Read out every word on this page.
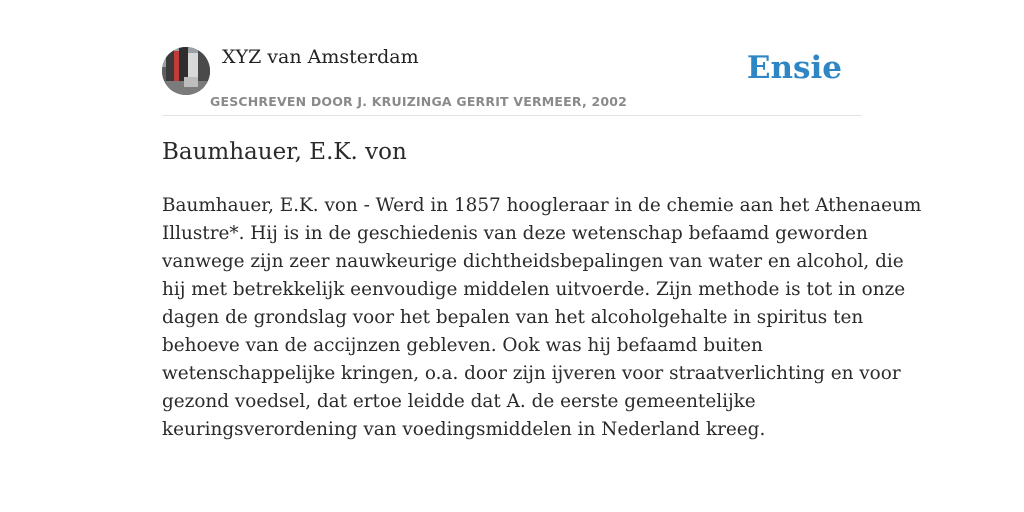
XYZ van Amsterdam
GESCHREVEN DOOR J. KRUIZINGA GERRIT VERMEER, 2002
Ensie
Baumhauer, E.K. von
Baumhauer, E.K. von - Werd in 1857 hoogleraar in de chemie aan het Athenaeum
Illustre*. Hij is in de geschiedenis van deze wetenschap befaamd geworden
vanwege zijn zeer nauwkeurige dichtheidsbepalingen van water en alcohol, die
hij met betrekkelijk eenvoudige middelen uitvoerde. Zijn methode is tot in onze
dagen de grondslag voor het bepalen van het alcoholgehalte in spiritus ten
behoeve van de accijnzen gebleven. Ook was hij befaamd buiten
wetenschappelijke kringen, o.a. door zijn ijveren voor straatverlichting en voor
gezond voedsel, dat ertoe leidde dat A. de eerste gemeentelijke
keuringsverordening van voedingsmiddelen in Nederland kreeg.
